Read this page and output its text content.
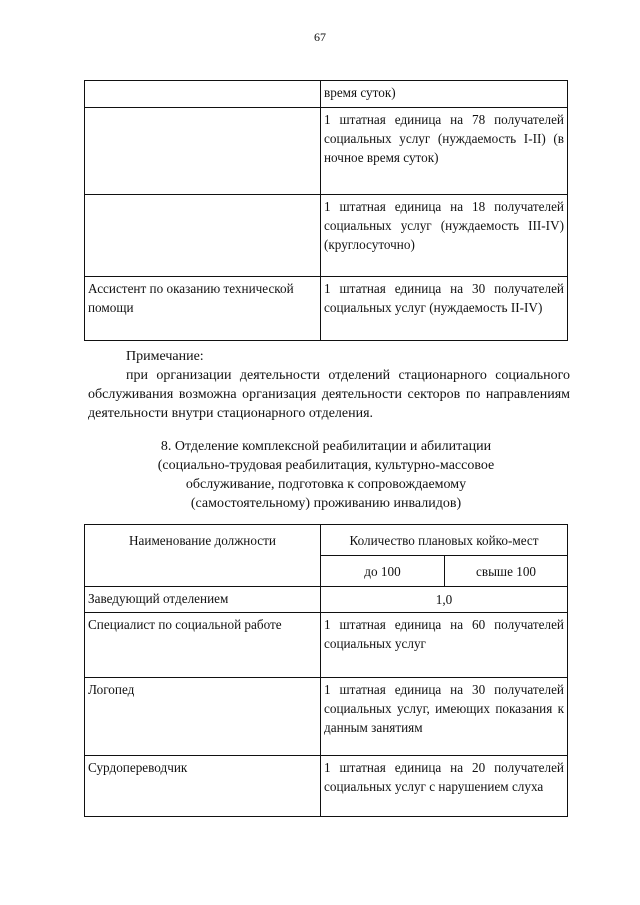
67
	время суток)
	1 штатная единица на 78 получателей социальных услуг (нуждаемость I-II) (в ночное время суток)
	1 штатная единица на 18 получателей социальных услуг (нуждаемость III-IV) (круглосуточно)
Ассистент по оказанию технической помощи	1 штатная единица на 30 получателей социальных услуг (нуждаемость II-IV)

Примечание:

при организации деятельности отделений стационарного социального обслуживания возможна организация деятельности секторов по направлениям деятельности внутри стационарного отделения.

8. Отделение комплексной реабилитации и абилитации
(социально-трудовая реабилитация, культурно-массовое
обслуживание, подготовка к сопровождаемому
(самостоятельному) проживанию инвалидов)
Наименование должности	Количество плановых койко-мест	
	до 100	свыше 100
Заведующий отделением	1,0	
Специалист по социальной работе	1 штатная единица на 60 получателей социальных услуг	
Логопед	1 штатная единица на 30 получателей социальных услуг, имеющих показания к данным занятиям	
Сурдопереводчик	1 штатная единица на 20 получателей социальных услуг с нарушением слуха	
